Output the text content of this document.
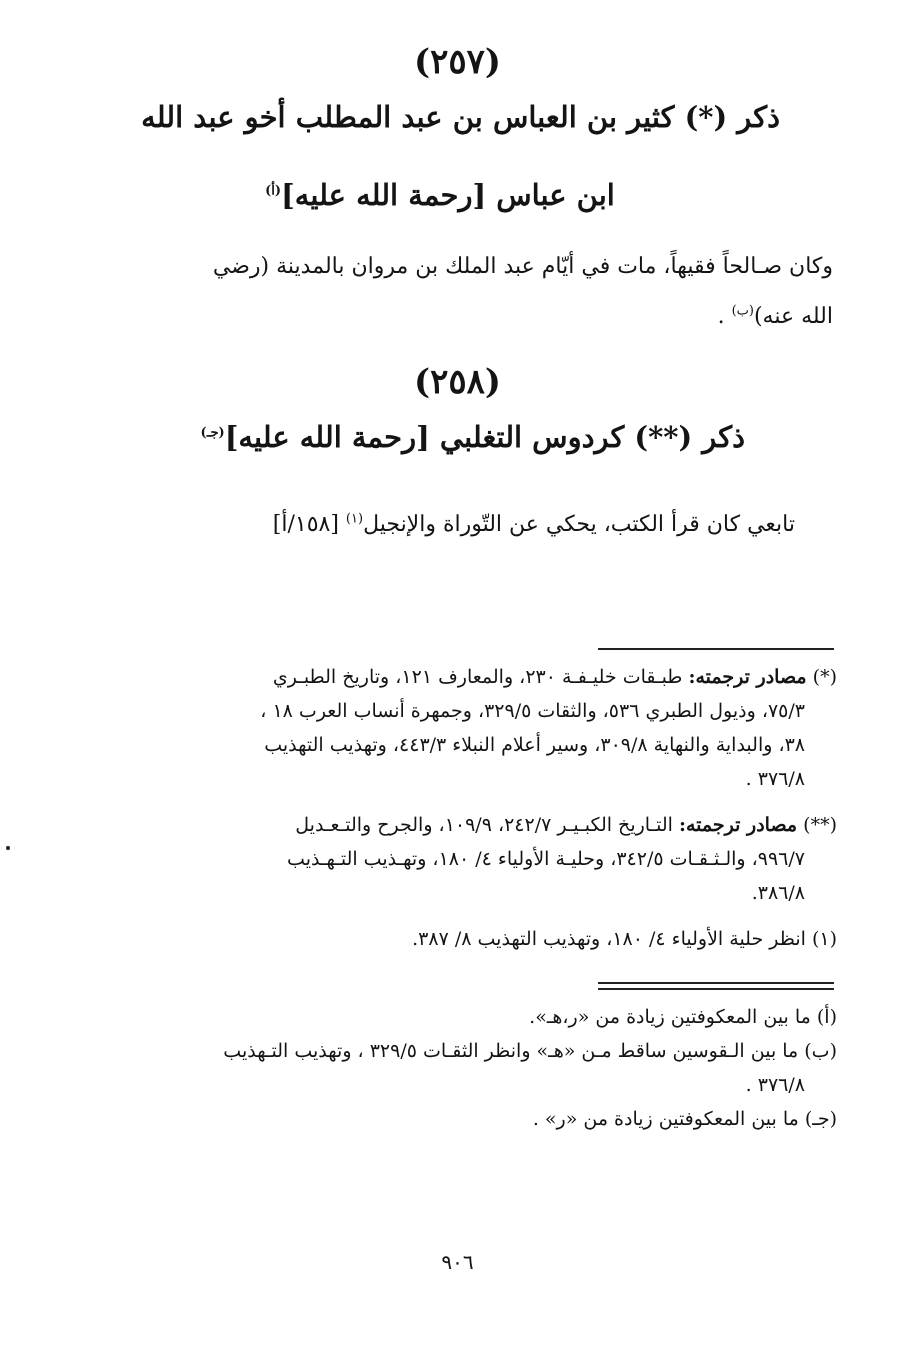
(٢٥٧)
ذكر (*) كثير بن العباس بن عبد المطلب أخو عبد الله
ابن عباس [رحمة الله عليه]$^{(أ)}$
وكان صـالحاً فقيهاً، مات في أيّام عبد الملك بن مروان بالمدينة (رضي
الله عنه)$^{(ب)}$ .
(٢٥٨)
ذكر (**) كردوس التغلبي [رحمة الله عليه]$^{(جـ)}$
تابعي كان قرأ الكتب، يحكي عن التّوراة والإنجيل$^{(١)}$ [١٥٨/أ]
(*) مصادر ترجمته: طبـقات خليـفـة ٢٣٠، والمعارف ١٢١، وتاريخ الطبـري
٧٥/٣، وذيول الطبري ٥٣٦، والثقات ٣٢٩/٥، وجمهرة أنساب العرب ١٨ ،
٣٨، والبداية والنهاية ٣٠٩/٨، وسير أعلام النبلاء ٤٤٣/٣، وتهذيب التهذيب
٣٧٦/٨ .
(**) مصادر ترجمته: التـاريخ الكبـيـر ٢٤٢/٧، ١٠٩/٩، والجرح والتـعـديل
٩٩٦/٧، والـثـقـات ٣٤٢/٥، وحليـة الأولياء ٤/ ١٨٠، وتهـذيب التـهـذيب
٣٨٦/٨.
(١) انظر حلية الأولياء ٤/ ١٨٠، وتهذيب التهذيب ٨/ ٣٨٧.
(أ) ما بين المعكوفتين زيادة من «ر،هـ».
(ب) ما بين الـقوسين ساقط مـن «هـ» وانظر الثقـات ٣٢٩/٥ ، وتهذيب التـهذيب
٣٧٦/٨ .
(جـ) ما بين المعكوفتين زيادة من «ر» .
٩٠٦
